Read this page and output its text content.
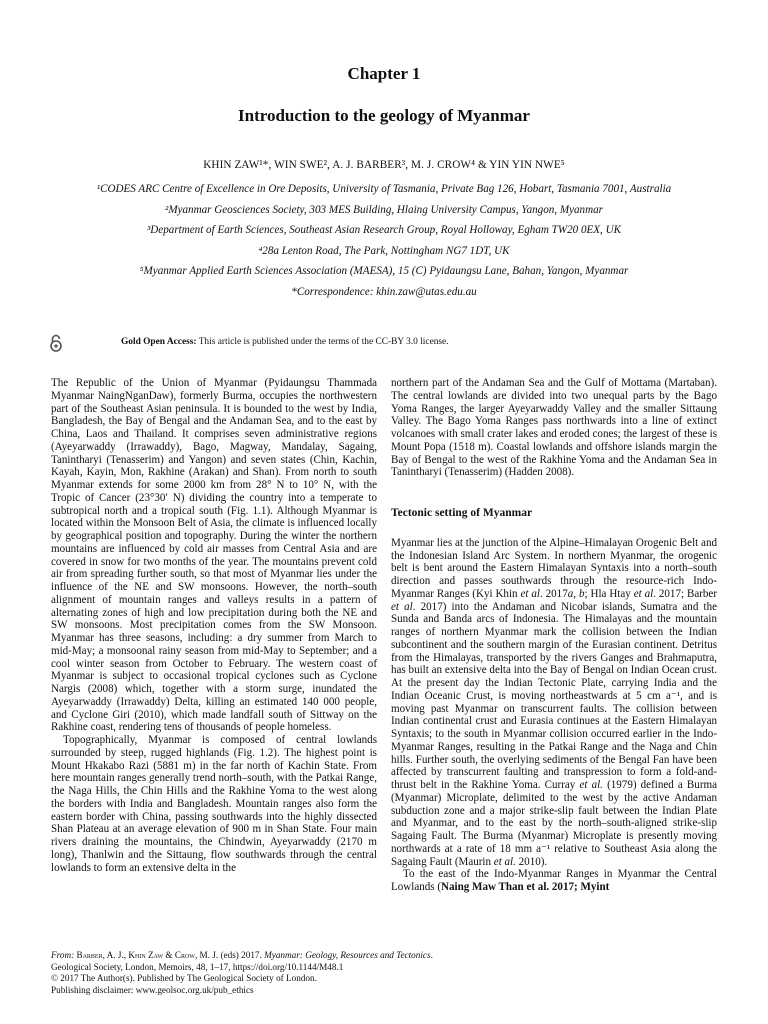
Chapter 1
Introduction to the geology of Myanmar
KHIN ZAW¹*, WIN SWE², A. J. BARBER³, M. J. CROW⁴ & YIN YIN NWE⁵
¹CODES ARC Centre of Excellence in Ore Deposits, University of Tasmania, Private Bag 126, Hobart, Tasmania 7001, Australia
²Myanmar Geosciences Society, 303 MES Building, Hlaing University Campus, Yangon, Myanmar
³Department of Earth Sciences, Southeast Asian Research Group, Royal Holloway, Egham TW20 0EX, UK
⁴28a Lenton Road, The Park, Nottingham NG7 1DT, UK
⁵Myanmar Applied Earth Sciences Association (MAESA), 15 (C) Pyidaungsu Lane, Bahan, Yangon, Myanmar
*Correspondence: khin.zaw@utas.edu.au
Gold Open Access: This article is published under the terms of the CC-BY 3.0 license.

The Republic of the Union of Myanmar (Pyidaungsu Thammada Myanmar NaingNganDaw), formerly Burma, occupies the northwestern part of the Southeast Asian peninsula. It is bounded to the west by India, Bangladesh, the Bay of Bengal and the Andaman Sea, and to the east by China, Laos and Thailand. It comprises seven administrative regions (Ayeyarwaddy (Irrawaddy), Bago, Magway, Mandalay, Sagaing, Tanintharyi (Tenasserim) and Yangon) and seven states (Chin, Kachin, Kayah, Kayin, Mon, Rakhine (Arakan) and Shan). From north to south Myanmar extends for some 2000 km from 28° N to 10° N, with the Tropic of Cancer (23°30′ N) dividing the country into a temperate to subtropical north and a tropical south (Fig. 1.1). Although Myanmar is located within the Monsoon Belt of Asia, the climate is influenced locally by geographical position and topography. During the winter the northern mountains are influenced by cold air masses from Central Asia and are covered in snow for two months of the year. The mountains prevent cold air from spreading further south, so that most of Myanmar lies under the influence of the NE and SW monsoons. However, the north–south alignment of mountain ranges and valleys results in a pattern of alternating zones of high and low precipitation during both the NE and SW monsoons. Most precipitation comes from the SW Monsoon. Myanmar has three seasons, including: a dry summer from March to mid-May; a monsoonal rainy season from mid-May to September; and a cool winter season from October to February. The western coast of Myanmar is subject to occasional tropical cyclones such as Cyclone Nargis (2008) which, together with a storm surge, inundated the Ayeyarwaddy (Irrawaddy) Delta, killing an estimated 140 000 people, and Cyclone Giri (2010), which made landfall south of Sittway on the Rakhine coast, rendering tens of thousands of people homeless.

Topographically, Myanmar is composed of central lowlands surrounded by steep, rugged highlands (Fig. 1.2). The highest point is Mount Hkakabo Razi (5881 m) in the far north of Kachin State. From here mountain ranges generally trend north–south, with the Patkai Range, the Naga Hills, the Chin Hills and the Rakhine Yoma to the west along the borders with India and Bangladesh. Mountain ranges also form the eastern border with China, passing southwards into the highly dissected Shan Plateau at an average elevation of 900 m in Shan State. Four main rivers draining the mountains, the Chindwin, Ayeyarwaddy (2170 m long), Thanlwin and the Sittaung, flow southwards through the central lowlands to form an extensive delta in the

northern part of the Andaman Sea and the Gulf of Mottama (Martaban). The central lowlands are divided into two unequal parts by the Bago Yoma Ranges, the larger Ayeyarwaddy Valley and the smaller Sittaung Valley. The Bago Yoma Ranges pass northwards into a line of extinct volcanoes with small crater lakes and eroded cones; the largest of these is Mount Popa (1518 m). Coastal lowlands and offshore islands margin the Bay of Bengal to the west of the Rakhine Yoma and the Andaman Sea in Tanintharyi (Tenasserim) (Hadden 2008).

Tectonic setting of Myanmar

Myanmar lies at the junction of the Alpine–Himalayan Orogenic Belt and the Indonesian Island Arc System. In northern Myanmar, the orogenic belt is bent around the Eastern Himalayan Syntaxis into a north–south direction and passes southwards through the resource-rich Indo-Myanmar Ranges (Kyi Khin et al. 2017a, b; Hla Htay et al. 2017; Barber et al. 2017) into the Andaman and Nicobar islands, Sumatra and the Sunda and Banda arcs of Indonesia. The Himalayas and the mountain ranges of northern Myanmar mark the collision between the Indian subcontinent and the southern margin of the Eurasian continent. Detritus from the Himalayas, transported by the rivers Ganges and Brahmaputra, has built an extensive delta into the Bay of Bengal on Indian Ocean crust. At the present day the Indian Tectonic Plate, carrying India and the Indian Oceanic Crust, is moving northeastwards at 5 cm a⁻¹, and is moving past Myanmar on transcurrent faults. The collision between Indian continental crust and Eurasia continues at the Eastern Himalayan Syntaxis; to the south in Myanmar collision occurred earlier in the Indo-Myanmar Ranges, resulting in the Patkai Range and the Naga and Chin hills. Further south, the overlying sediments of the Bengal Fan have been affected by transcurrent faulting and transpression to form a fold-and-thrust belt in the Rakhine Yoma. Curray et al. (1979) defined a Burma (Myanmar) Microplate, delimited to the west by the active Andaman subduction zone and a major strike-slip fault between the Indian Plate and Myanmar, and to the east by the north–south-aligned strike-slip Sagaing Fault. The Burma (Myanmar) Microplate is presently moving northwards at a rate of 18 mm a⁻¹ relative to Southeast Asia along the Sagaing Fault (Maurin et al. 2010).

To the east of the Indo-Myanmar Ranges in Myanmar the Central Lowlands (Naing Maw Than et al. 2017; Myint

From: Barber, A. J., Khin Zaw & Crow, M. J. (eds) 2017. Myanmar: Geology, Resources and Tectonics.
Geological Society, London, Memoirs, 48, 1–17, https://doi.org/10.1144/M48.1
© 2017 The Author(s). Published by The Geological Society of London.
Publishing disclaimer: www.geolsoc.org.uk/pub_ethics
